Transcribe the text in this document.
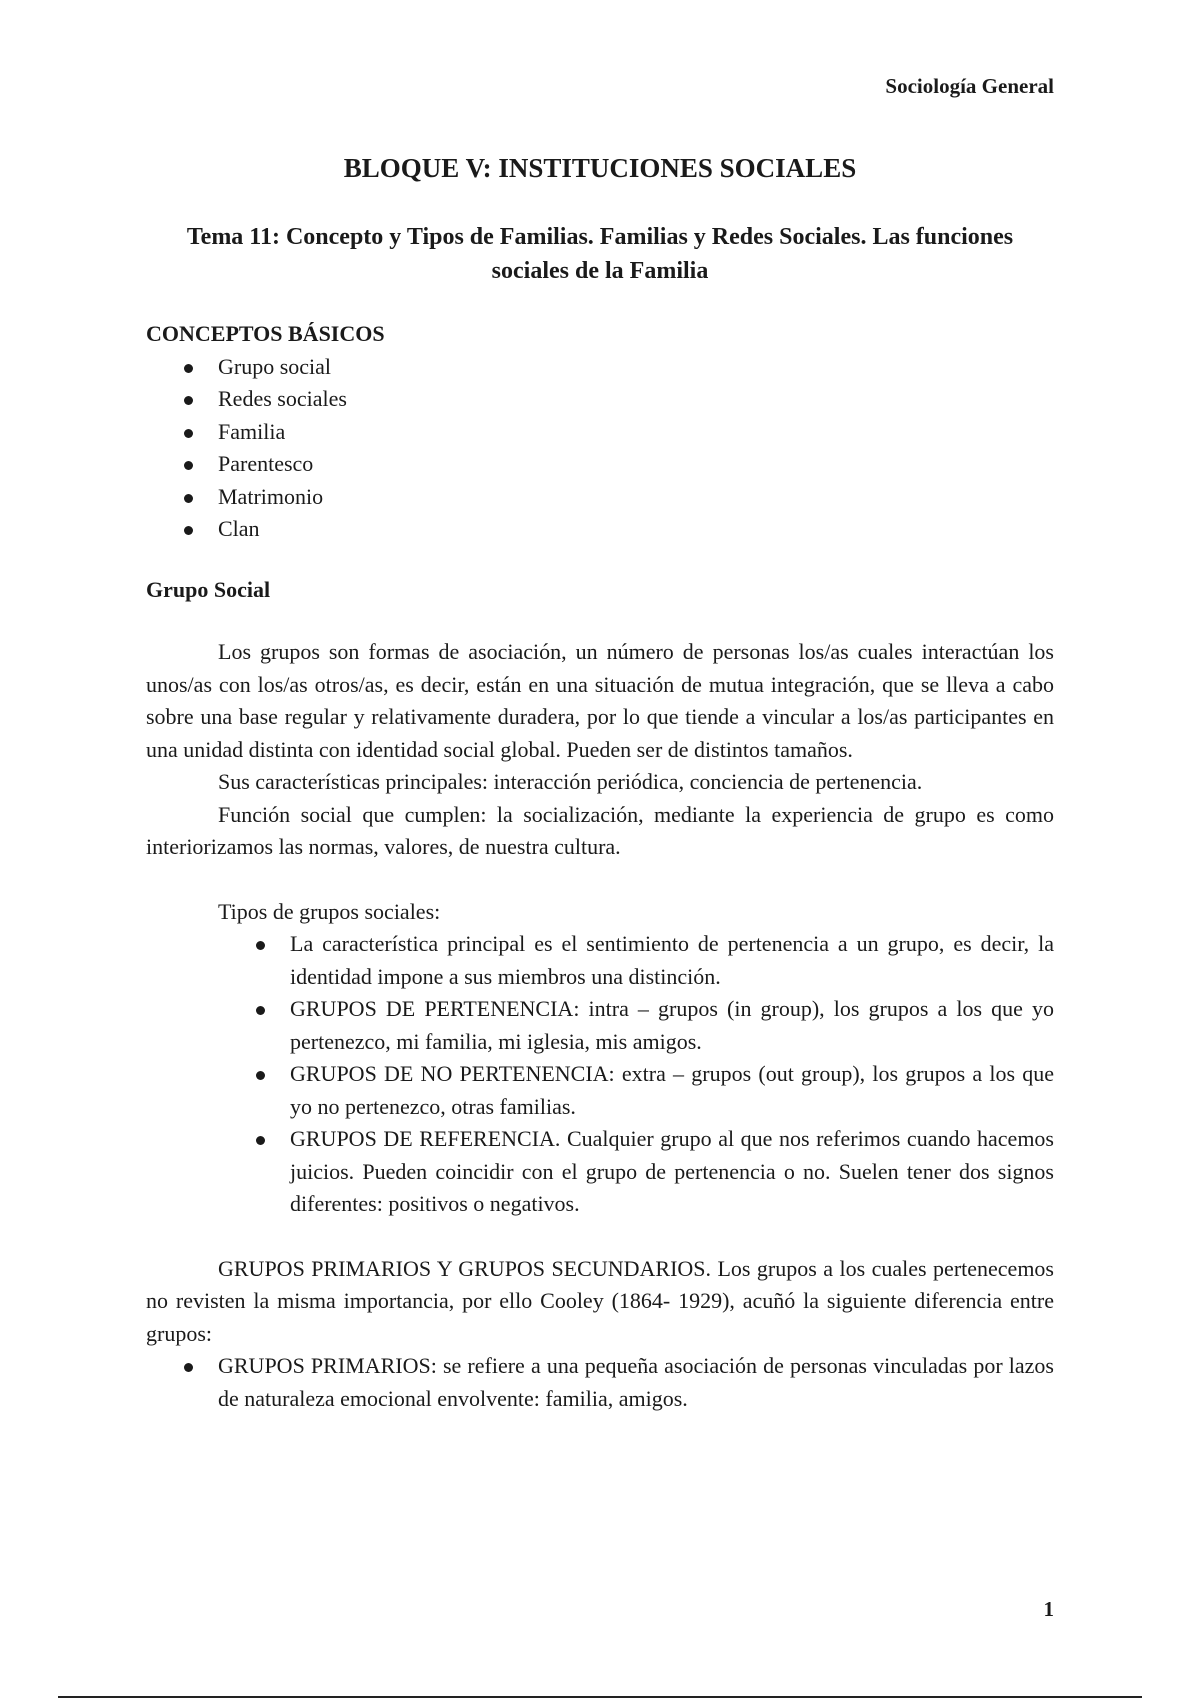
Sociología General
BLOQUE V: INSTITUCIONES SOCIALES
Tema 11: Concepto y Tipos de Familias. Familias y Redes Sociales. Las funciones
sociales de la Familia
CONCEPTOS BÁSICOS
Grupo social
Redes sociales
Familia
Parentesco
Matrimonio
Clan
Grupo Social

Los grupos son formas de asociación, un número de personas los/as cuales interactúan los unos/as con los/as otros/as, es decir, están en una situación de mutua integración, que se lleva a cabo sobre una base regular y relativamente duradera, por lo que tiende a vincular a los/as participantes en una unidad distinta con identidad social global. Pueden ser de distintos tamaños.

Sus características principales: interacción periódica, conciencia de pertenencia.

Función social que cumplen: la socialización, mediante la experiencia de grupo es como interiorizamos las normas, valores, de nuestra cultura.

Tipos de grupos sociales:

La característica principal es el sentimiento de pertenencia a un grupo, es decir, la identidad impone a sus miembros una distinción.
GRUPOS DE PERTENENCIA: intra – grupos (in group), los grupos a los que yo pertenezco, mi familia, mi iglesia, mis amigos.
GRUPOS DE NO PERTENENCIA: extra – grupos (out group), los grupos a los que yo no pertenezco, otras familias.
GRUPOS DE REFERENCIA. Cualquier grupo al que nos referimos cuando hacemos juicios. Pueden coincidir con el grupo de pertenencia o no. Suelen tener dos signos diferentes: positivos o negativos.

GRUPOS PRIMARIOS Y GRUPOS SECUNDARIOS. Los grupos a los cuales pertenecemos no revisten la misma importancia, por ello Cooley (1864- 1929), acuñó la siguiente diferencia entre grupos:

GRUPOS PRIMARIOS: se refiere a una pequeña asociación de personas vinculadas por lazos de naturaleza emocional envolvente: familia, amigos.
1
